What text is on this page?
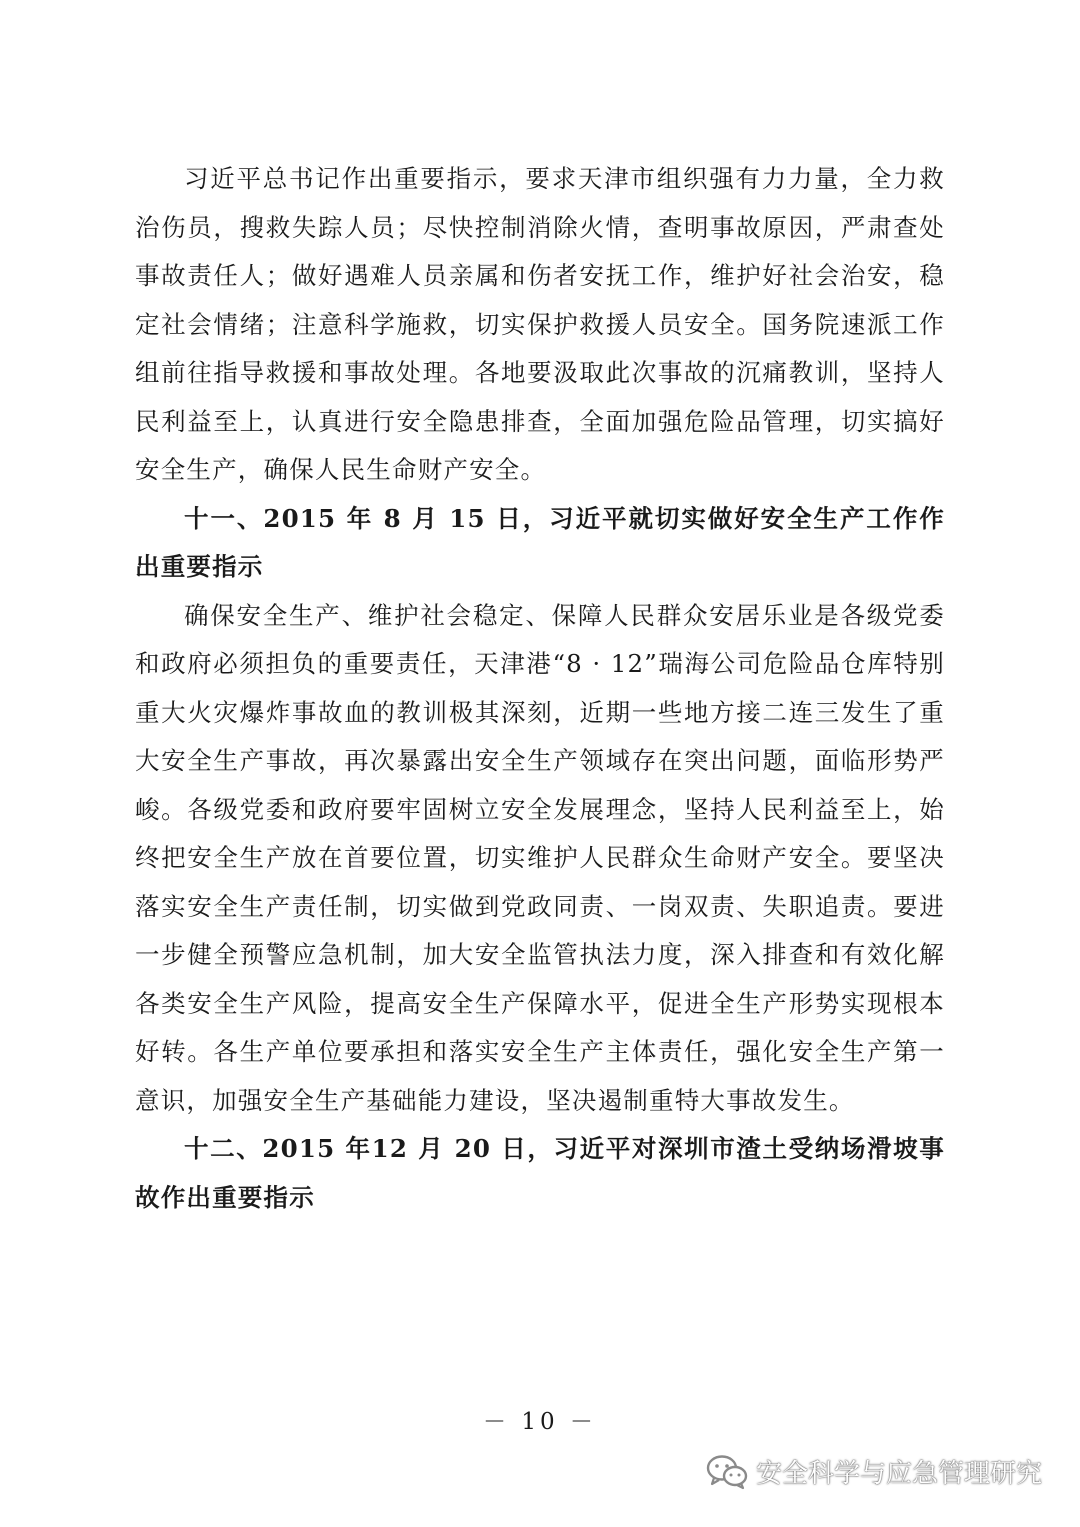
习近平总书记作出重要指示，要求天津市组织强有力力量，全力救治伤员，搜救失踪人员；尽快控制消除火情，查明事故原因，严肃查处事故责任人；做好遇难人员亲属和伤者安抚工作，维护好社会治安，稳定社会情绪；注意科学施救，切实保护救援人员安全。国务院速派工作组前往指导救援和事故处理。各地要汲取此次事故的沉痛教训，坚持人民利益至上，认真进行安全隐患排查，全面加强危险品管理，切实搞好安全生产，确保人民生命财产安全。

十一、2015 年 8 月 15 日，习近平就切实做好安全生产工作作出重要指示

确保安全生产、维护社会稳定、保障人民群众安居乐业是各级党委和政府必须担负的重要责任，天津港“8 · 12”瑞海公司危险品仓库特别重大火灾爆炸事故血的教训极其深刻，近期一些地方接二连三发生了重大安全生产事故，再次暴露出安全生产领域存在突出问题，面临形势严峻。各级党委和政府要牢固树立安全发展理念，坚持人民利益至上，始终把安全生产放在首要位置，切实维护人民群众生命财产安全。要坚决落实安全生产责任制，切实做到党政同责、一岗双责、失职追责。要进一步健全预警应急机制，加大安全监管执法力度，深入排查和有效化解各类安全生产风险，提高安全生产保障水平，促进全生产形势实现根本好转。各生产单位要承担和落实安全生产主体责任，强化安全生产第一意识，加强安全生产基础能力建设，坚决遏制重特大事故发生。

十二、2015 年12 月 20 日，习近平对深圳市渣土受纳场滑坡事故作出重要指示

－ 10 －
安全科学与应急管理研究
